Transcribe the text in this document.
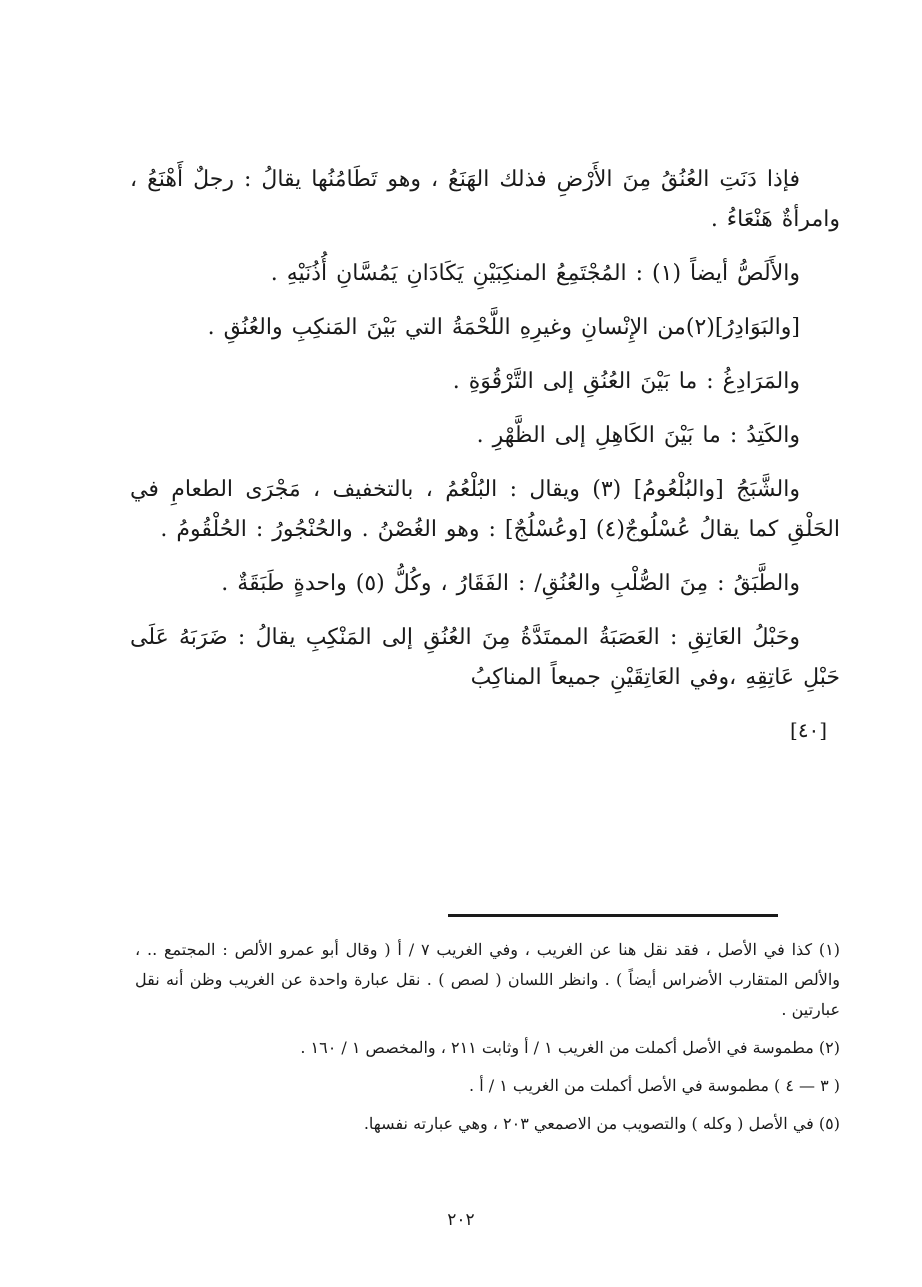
فإذا دَنَتِ العُنُقُ مِنَ الأَرْضِ فذلك الهَنَعُ ، وهو تَطَامُنُها يقالُ : رجلٌ أَهْنَعُ ، وامرأةٌ هَنْعَاءُ .

والأَلَصُّ أيضاً (١) : المُجْتَمِعُ المنكِبَيْنِ يَكَادَانِ يَمُسَّانِ أُذُنَيْهِ .

[والبَوَادِرُ](٢)من الإِنْسانِ وغيرِهِ اللَّحْمَةُ التي بَيْنَ المَنكِبِ والعُنُقِ .

والمَرَادِغُ : ما بَيْنَ العُنُقِ إلى التَّرْقُوَةِ .

والكَتِدُ : ما بَيْنَ الكَاهِلِ إلى الظَّهْرِ .

والشَّبَجُ [والبُلْعُومُ] (٣) ويقال : البُلْعُمُ ، بالتخفيف ، مَجْرَى الطعامِ في الحَلْقِ كما يقالُ عُسْلُوجٌ(٤) [وعُسْلُجٌ] : وهو الغُصْنُ . والحُنْجُورُ : الحُلْقُومُ .

والطَّبَقُ : مِنَ الصُّلْبِ والعُنُقِ/ : الفَقَارُ ، وكُلُّ (٥) واحدةٍ طَبَقَةٌ .

وحَبْلُ العَاتِقِ : العَصَبَةُ الممتَدَّةُ مِنَ العُنُقِ إلى المَنْكِبِ يقالُ : ضَرَبَهُ عَلَى حَبْلِ عَاتِقِهِ ،وفي العَاتِقَيْنِ جميعاً المناكِبُ

[٤٠]

(١) كذا في الأصل ، فقد نقل هنا عن الغريب ، وفي الغريب ٧ / أ ( وقال أبو عمرو الألص : المجتمع .. ، والألص المتقارب الأضراس أيضاً ) . وانظر اللسان ( لصص ) . نقل عبارة واحدة عن الغريب وظن أنه نقل عبارتين .

(٢) مطموسة في الأصل أكملت من الغريب ١ / أ وثابت ٢١١ ، والمخصص ١ / ١٦٠ .

( ٣ — ٤ ) مطموسة في الأصل أكملت من الغريب ١ / أ .

(٥) في الأصل ( وكله ) والتصويب من الاصمعي ٢٠٣ ، وهي عبارته نفسها.

٢٠٢
